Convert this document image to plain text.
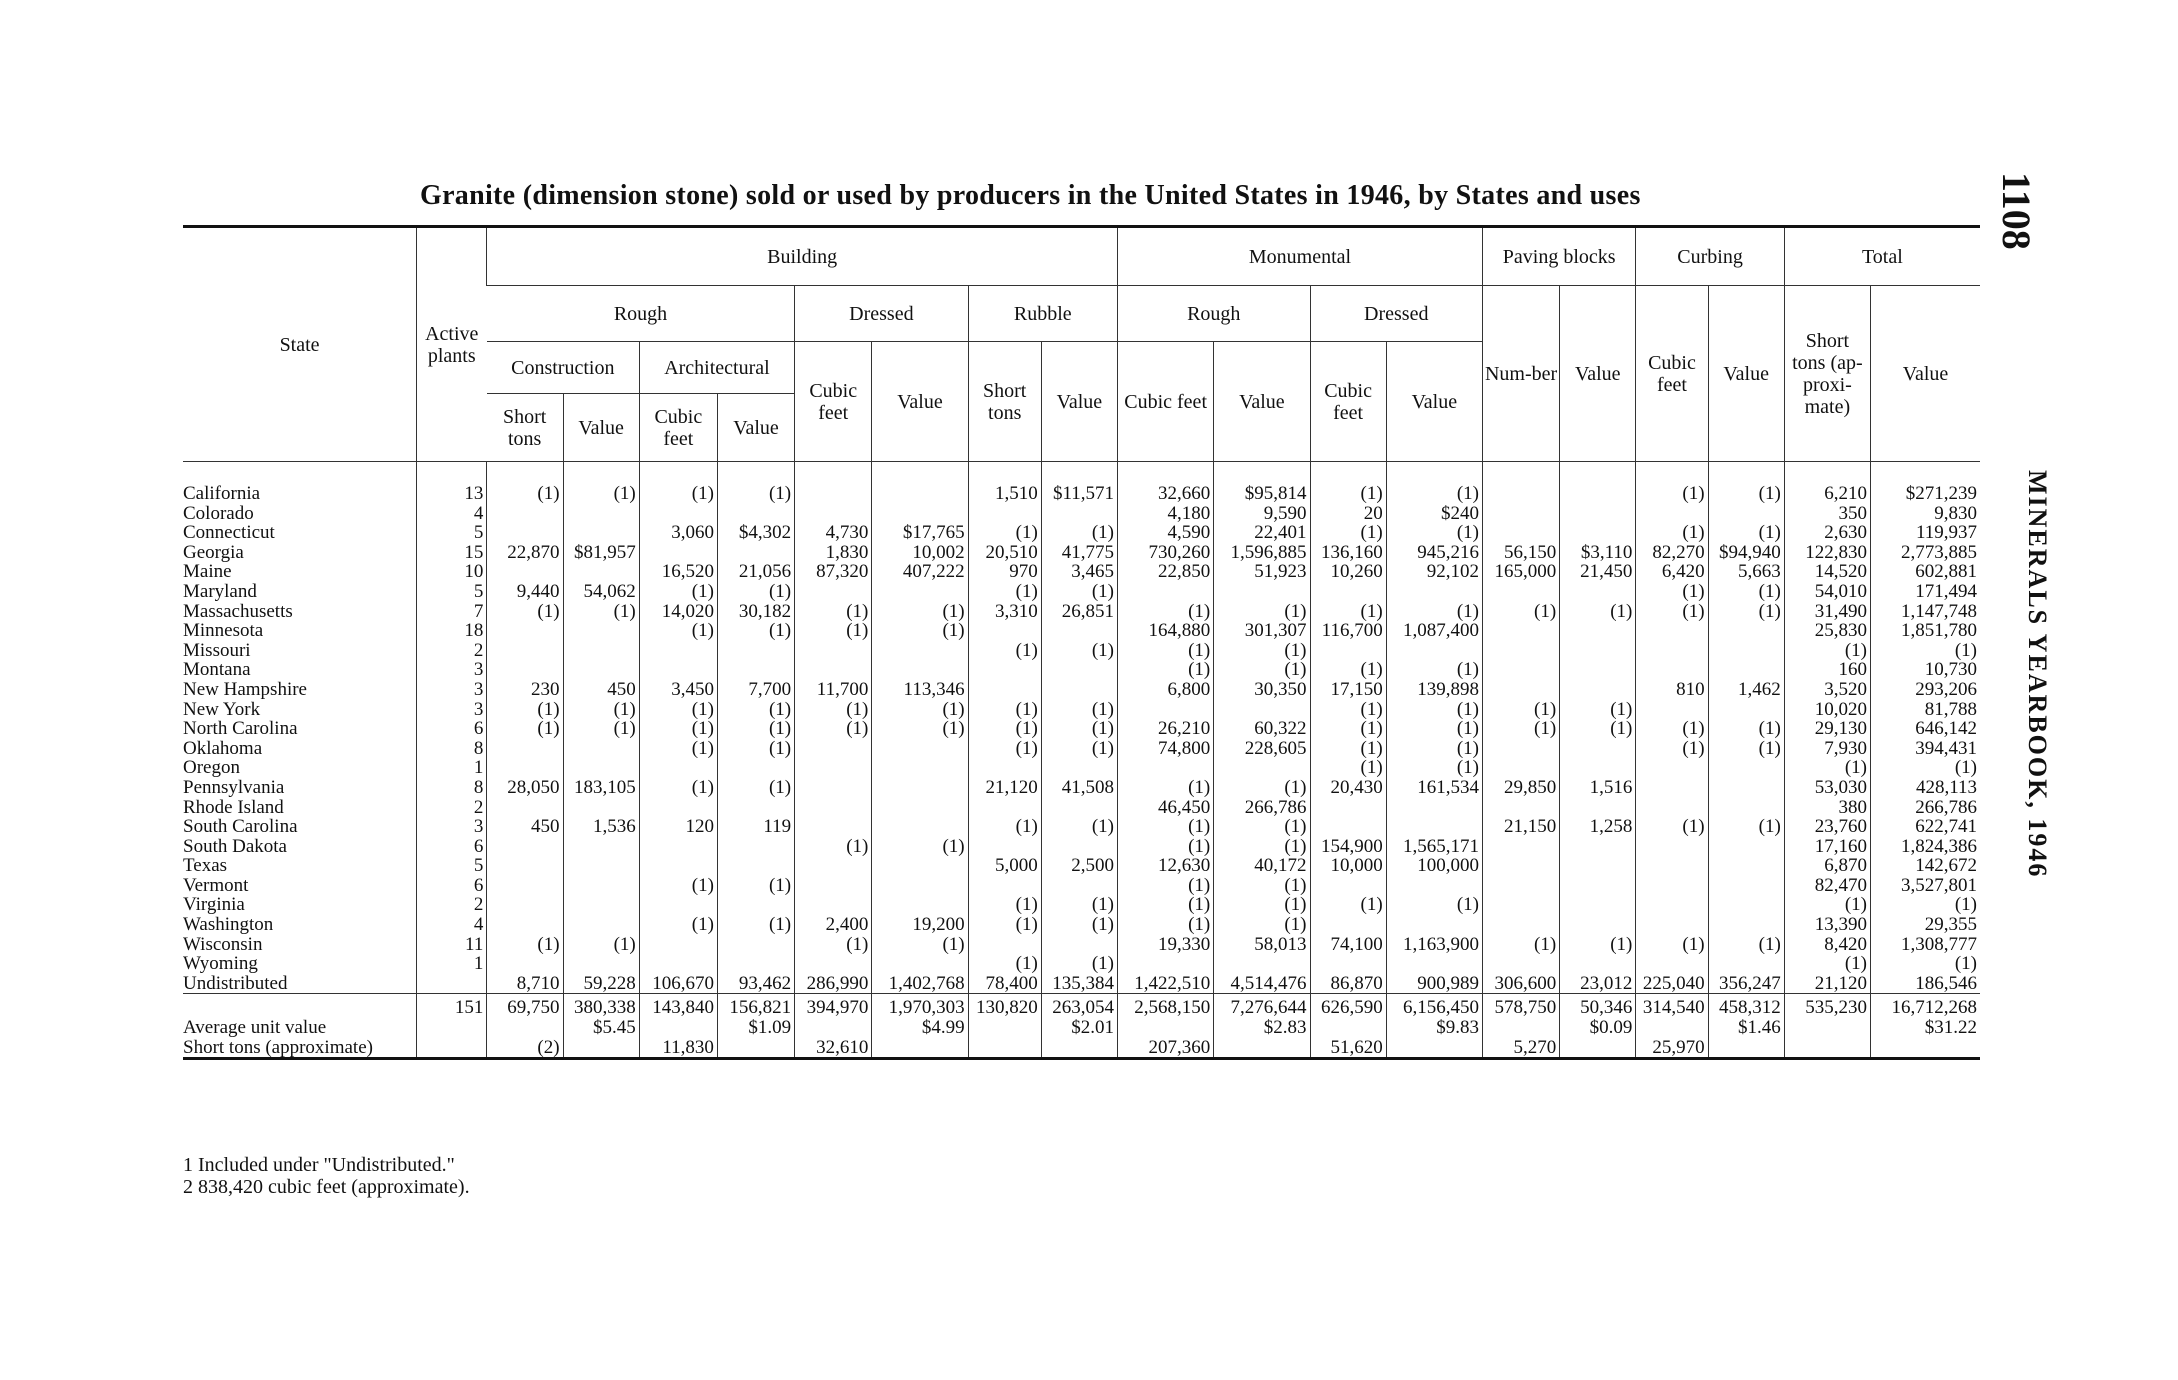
Granite (dimension stone) sold or used by producers in the United States in 1946, by States and uses	1108
MINERALS YEARBOOK, 1946
State	Active plants	Building								Monumental				Paving blocks		Curbing		Total	
		Rough				Dressed		Rubble		Rough		Dressed		Num-ber	Value	Cubic feet	Value	Short tons (ap-proxi-mate)	Value
		Construction		Architectural		Cubic feet	Value	Short tons	Value	Cubic feet	Value	Cubic feet	Value						
		Short tons	Value	Cubic feet	Value														

California	13	(1)	(1)	(1)	(1)			1,510	$11,571	32,660	$95,814	(1)	(1)			(1)	(1)	6,210	$271,239
Colorado	4									4,180	9,590	20	$240					350	9,830
Connecticut	5			3,060	$4,302	4,730	$17,765	(1)	(1)	4,590	22,401	(1)	(1)			(1)	(1)	2,630	119,937
Georgia	15	22,870	$81,957			1,830	10,002	20,510	41,775	730,260	1,596,885	136,160	945,216	56,150	$3,110	82,270	$94,940	122,830	2,773,885
Maine	10			16,520	21,056	87,320	407,222	970	3,465	22,850	51,923	10,260	92,102	165,000	21,450	6,420	5,663	14,520	602,881
Maryland	5	9,440	54,062	(1)	(1)			(1)	(1)							(1)	(1)	54,010	171,494
Massachusetts	7	(1)	(1)	14,020	30,182	(1)	(1)	3,310	26,851	(1)	(1)	(1)	(1)	(1)	(1)	(1)	(1)	31,490	1,147,748
Minnesota	18			(1)	(1)	(1)	(1)			164,880	301,307	116,700	1,087,400					25,830	1,851,780
Missouri	2							(1)	(1)	(1)	(1)							(1)	(1)
Montana	3									(1)	(1)	(1)	(1)					160	10,730
New Hampshire	3	230	450	3,450	7,700	11,700	113,346			6,800	30,350	17,150	139,898			810	1,462	3,520	293,206
New York	3	(1)	(1)	(1)	(1)	(1)	(1)	(1)	(1)			(1)	(1)	(1)	(1)			10,020	81,788
North Carolina	6	(1)	(1)	(1)	(1)	(1)	(1)	(1)	(1)	26,210	60,322	(1)	(1)	(1)	(1)	(1)	(1)	29,130	646,142
Oklahoma	8			(1)	(1)			(1)	(1)	74,800	228,605	(1)	(1)			(1)	(1)	7,930	394,431
Oregon	1											(1)	(1)					(1)	(1)
Pennsylvania	8	28,050	183,105	(1)	(1)			21,120	41,508	(1)	(1)	20,430	161,534	29,850	1,516			53,030	428,113
Rhode Island	2									46,450	266,786							380	266,786
South Carolina	3	450	1,536	120	119			(1)	(1)	(1)	(1)			21,150	1,258	(1)	(1)	23,760	622,741
South Dakota	6					(1)	(1)			(1)	(1)	154,900	1,565,171					17,160	1,824,386
Texas	5							5,000	2,500	12,630	40,172	10,000	100,000					6,870	142,672
Vermont	6			(1)	(1)					(1)	(1)							82,470	3,527,801
Virginia	2							(1)	(1)	(1)	(1)	(1)	(1)					(1)	(1)
Washington	4			(1)	(1)	2,400	19,200	(1)	(1)	(1)	(1)							13,390	29,355
Wisconsin	11	(1)	(1)			(1)	(1)			19,330	58,013	74,100	1,163,900	(1)	(1)	(1)	(1)	8,420	1,308,777
Wyoming	1							(1)	(1)									(1)	(1)
Undistributed		8,710	59,228	106,670	93,462	286,990	1,402,768	78,400	135,384	1,422,510	4,514,476	86,870	900,989	306,600	23,012	225,040	356,247	21,120	186,546
	151	69,750	380,338	143,840	156,821	394,970	1,970,303	130,820	263,054	2,568,150	7,276,644	626,590	6,156,450	578,750	50,346	314,540	458,312	535,230	16,712,268
Average unit value			$5.45		$1.09		$4.99		$2.01		$2.83		$9.83		$0.09		$1.46		$31.22
Short tons (approximate)		(2)		11,830		32,610				207,360		51,620		5,270		25,970			
1 Included under "Undistributed."
2 838,420 cubic feet (approximate).
